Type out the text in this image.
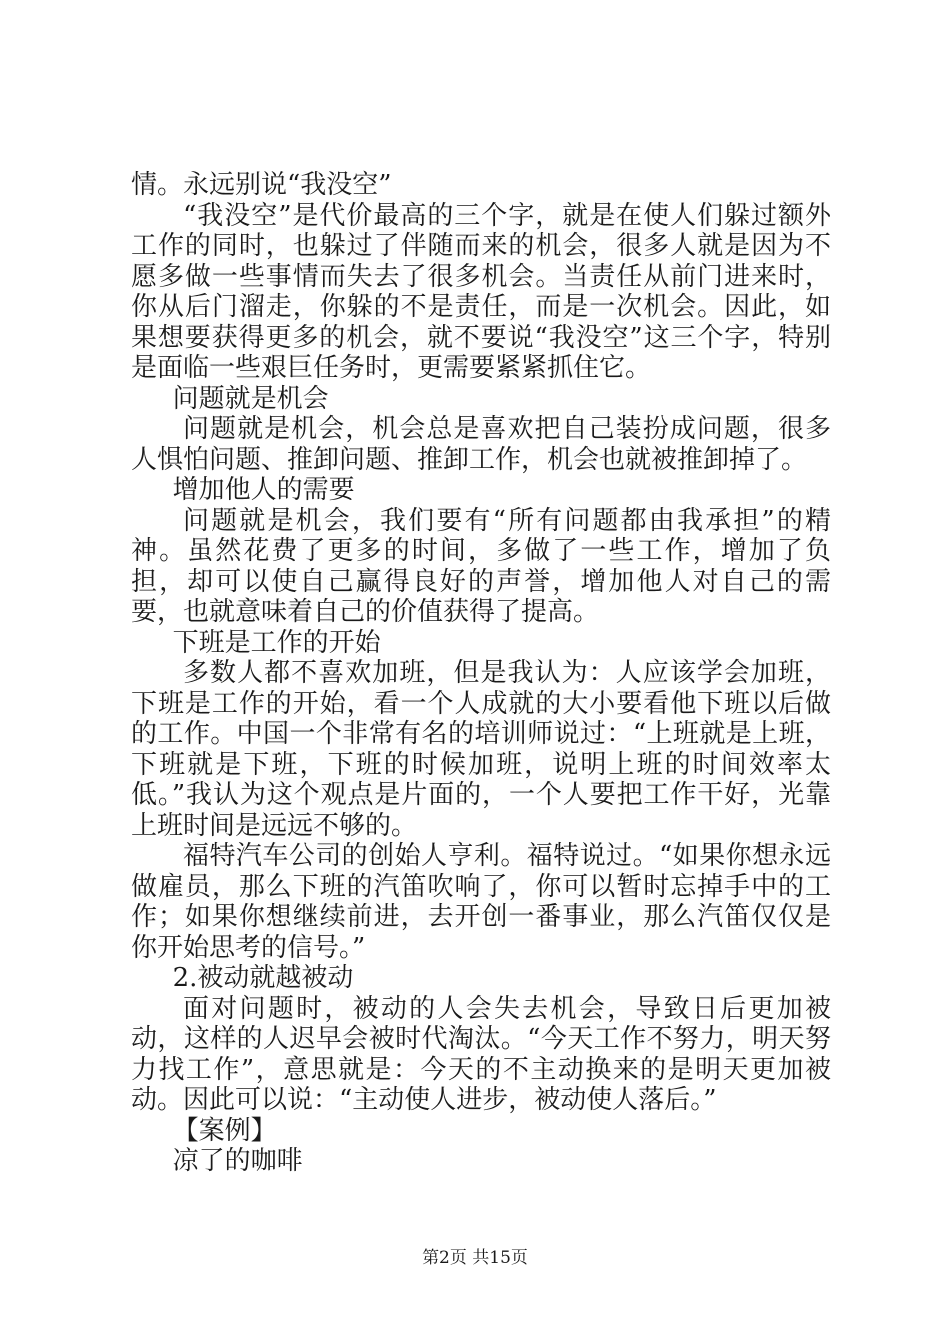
情。永远别说“我没空”

“我没空”是代价最高的三个字，就是在使人们躲过额外工作的同时，也躲过了伴随而来的机会，很多人就是因为不愿多做一些事情而失去了很多机会。当责任从前门进来时，你从后门溜走，你躲的不是责任，而是一次机会。因此，如果想要获得更多的机会，就不要说“我没空”这三个字，特别是面临一些艰巨任务时，更需要紧紧抓住它。

问题就是机会

问题就是机会，机会总是喜欢把自己装扮成问题，很多人惧怕问题、推卸问题、推卸工作，机会也就被推卸掉了。

增加他人的需要

问题就是机会，我们要有“所有问题都由我承担”的精神。虽然花费了更多的时间，多做了一些工作，增加了负担，却可以使自己赢得良好的声誉，增加他人对自己的需要，也就意味着自己的价值获得了提高。

下班是工作的开始

多数人都不喜欢加班，但是我认为：人应该学会加班，下班是工作的开始，看一个人成就的大小要看他下班以后做的工作。中国一个非常有名的培训师说过：“上班就是上班，下班就是下班，下班的时候加班，说明上班的时间效率太低。”我认为这个观点是片面的，一个人要把工作干好，光靠上班时间是远远不够的。

福特汽车公司的创始人亨利。福特说过。“如果你想永远做雇员，那么下班的汽笛吹响了，你可以暂时忘掉手中的工作；如果你想继续前进，去开创一番事业，那么汽笛仅仅是你开始思考的信号。”

2.被动就越被动

面对问题时，被动的人会失去机会，导致日后更加被动，这样的人迟早会被时代淘汰。“今天工作不努力，明天努力找工作”，意思就是：今天的不主动换来的是明天更加被动。因此可以说：“主动使人进步，被动使人落后。”

【案例】

凉了的咖啡

第2页 共15页
